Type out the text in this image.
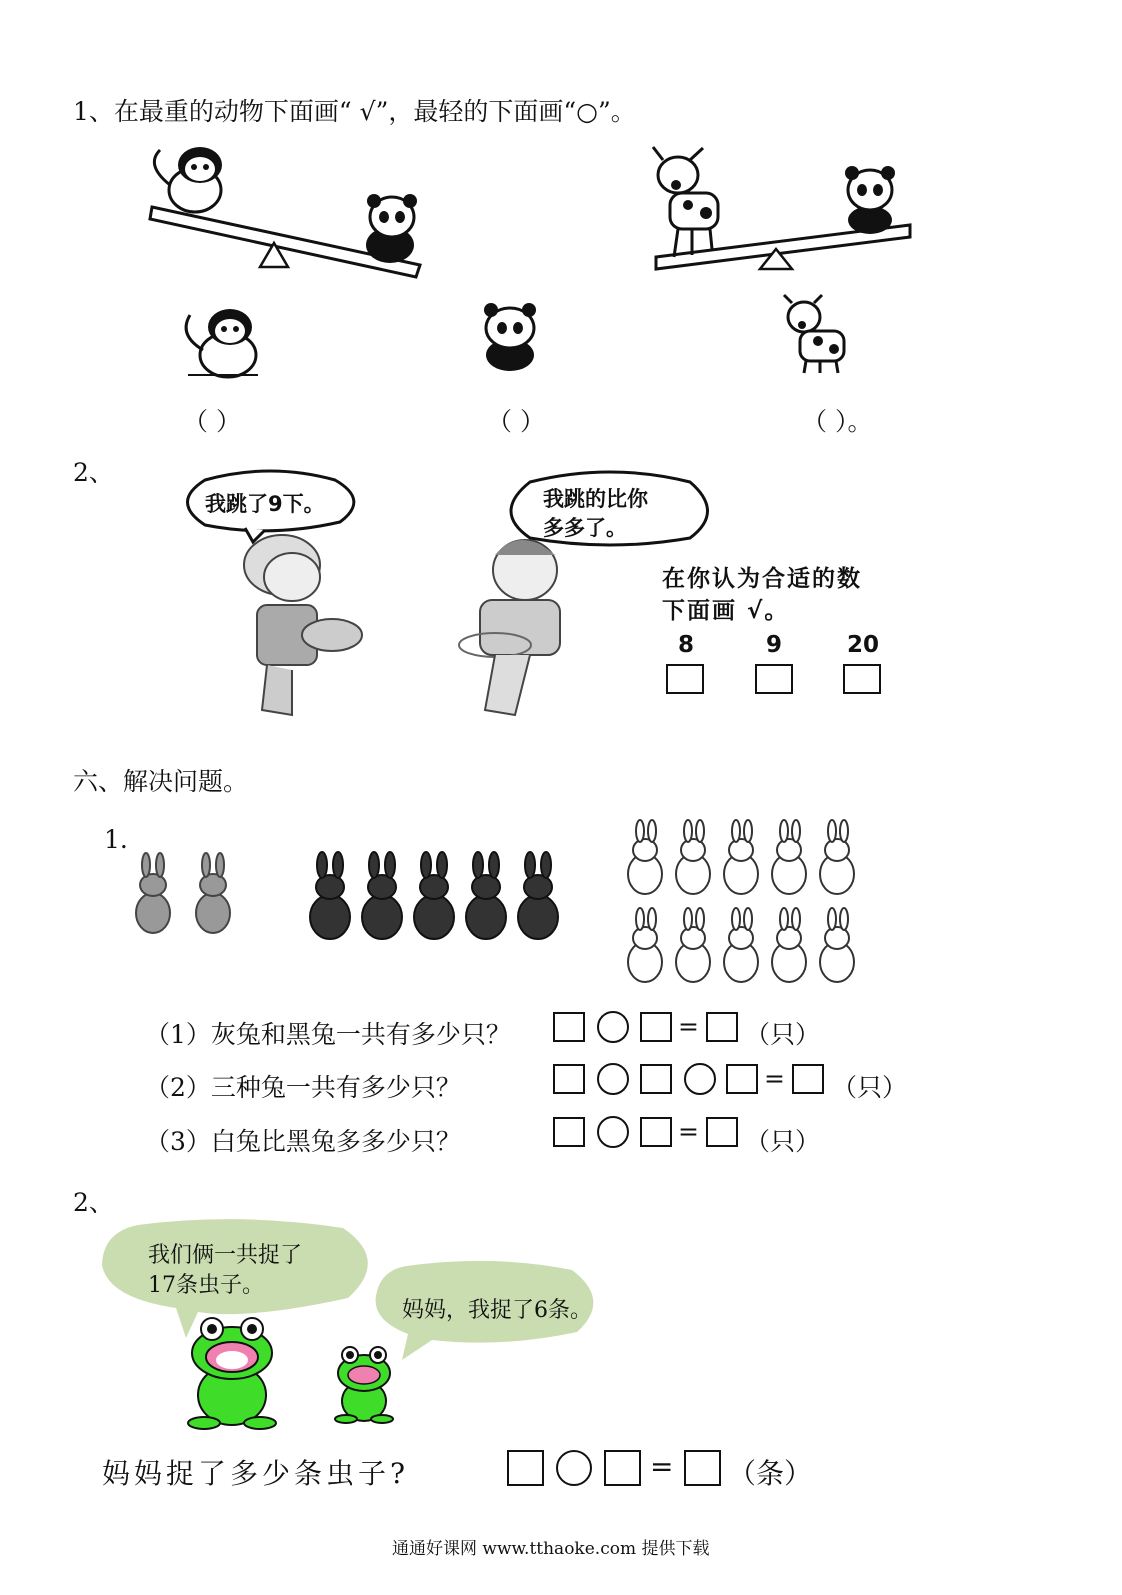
1、在最重的动物下面画“ √”，最轻的下面画“○”。
（ ）	（ ）	（ ）。
2、
我跳了9下。	我跳的比你
多多了。
在你认为合适的数
下面画 √。
8	9	20
六、解决问题。
1.
（1）灰兔和黑兔一共有多少只？	= （只）
（2）三种兔一共有多少只？	= （只）
（3）白兔比黑兔多多少只？	= （只）
2、
我们俩一共捉了
17条虫子。
妈妈，我捉了6条。
妈妈捉了多少条虫子?	= （条）
通通好课网 www.tthaoke.com 提供下载
